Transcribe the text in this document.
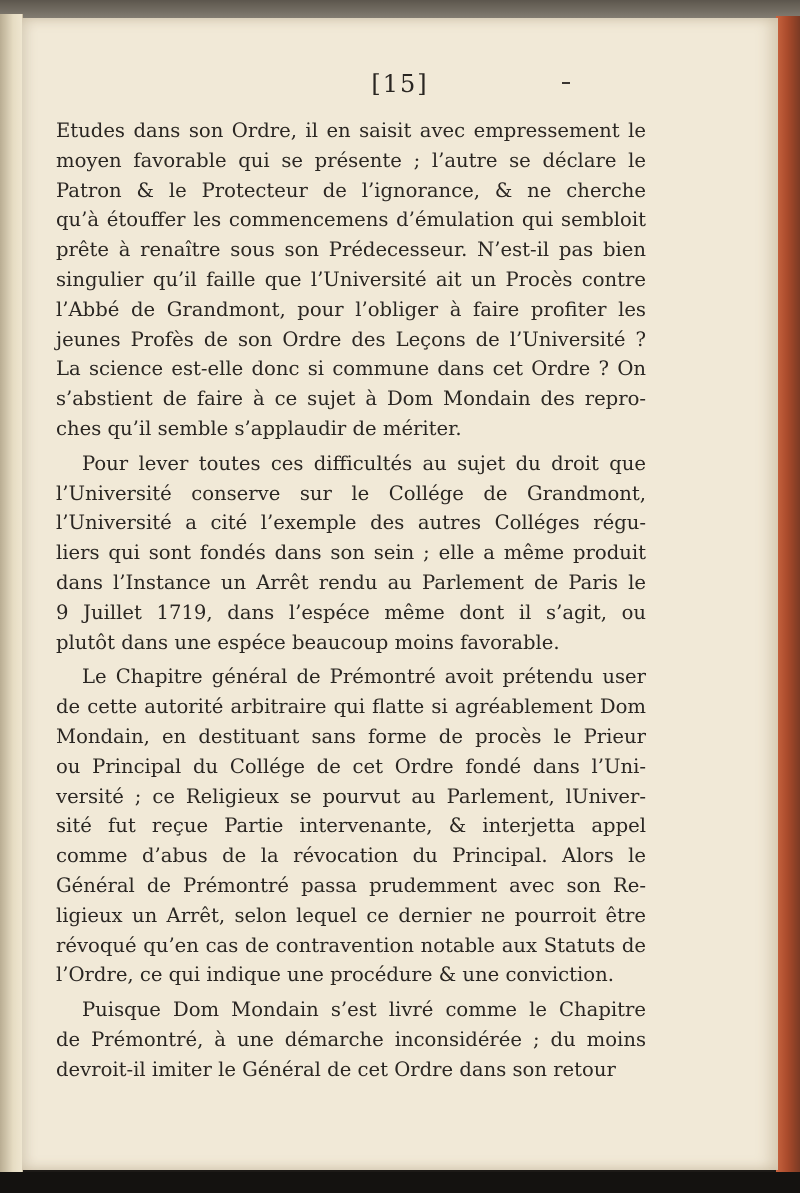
[15]
Etudes dans son Ordre, il en saisit avec empressement le
moyen favorable qui se présente ; l’autre se déclare le
Patron & le Protecteur de l’ignorance, & ne cherche
qu’à étouffer les commencemens d’émulation qui sembloit
prête à renaître sous son Prédecesseur. N’est-il pas bien
singulier qu’il faille que l’Université ait un Procès contre
l’Abbé de Grandmont, pour l’obliger à faire profiter les
jeunes Profès de son Ordre des Leçons de l’Université ?
La science est-elle donc si commune dans cet Ordre ? On
s’abstient de faire à ce sujet à Dom Mondain des repro-
ches qu’il semble s’applaudir de mériter.
Pour lever toutes ces difficultés au sujet du droit que
l’Université conserve sur le Collége de Grandmont,
l’Université a cité l’exemple des autres Colléges régu-
liers qui sont fondés dans son sein ; elle a même produit
dans l’Instance un Arrêt rendu au Parlement de Paris le
9 Juillet 1719, dans l’espéce même dont il s’agit, ou
plutôt dans une espéce beaucoup moins favorable.
Le Chapitre général de Prémontré avoit prétendu user
de cette autorité arbitraire qui flatte si agréablement Dom
Mondain, en destituant sans forme de procès le Prieur
ou Principal du Collége de cet Ordre fondé dans l’Uni-
versité ; ce Religieux se pourvut au Parlement, lUniver-
sité fut reçue Partie intervenante, & interjetta appel
comme d’abus de la révocation du Principal. Alors le
Général de Prémontré passa prudemment avec son Re-
ligieux un Arrêt, selon lequel ce dernier ne pourroit être
révoqué qu’en cas de contravention notable aux Statuts de
l’Ordre, ce qui indique une procédure & une conviction.
Puisque Dom Mondain s’est livré comme le Chapitre
de Prémontré, à une démarche inconsidérée ; du moins
devroit-il imiter le Général de cet Ordre dans son retour
